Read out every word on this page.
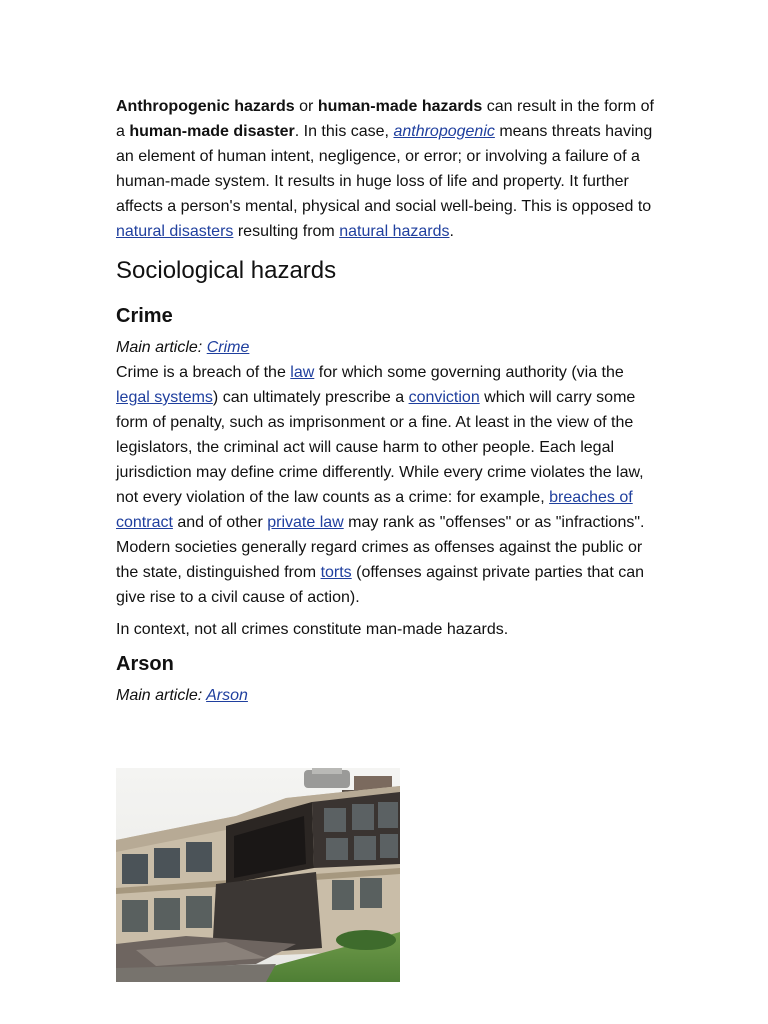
Anthropogenic hazards or human-made hazards can result in the form of a human-made disaster. In this case, anthropogenic means threats having an element of human intent, negligence, or error; or involving a failure of a human-made system. It results in huge loss of life and property. It further affects a person's mental, physical and social well-being. This is opposed to natural disasters resulting from natural hazards.

Sociological hazards
Crime

Main article: Crime

Crime is a breach of the law for which some governing authority (via the legal systems) can ultimately prescribe a conviction which will carry some form of penalty, such as imprisonment or a fine. At least in the view of the legislators, the criminal act will cause harm to other people. Each legal jurisdiction may define crime differently. While every crime violates the law, not every violation of the law counts as a crime: for example, breaches of contract and of other private law may rank as "offenses" or as "infractions". Modern societies generally regard crimes as offenses against the public or the state, distinguished from torts (offenses against private parties that can give rise to a civil cause of action).

In context, not all crimes constitute man-made hazards.

Arson

Main article: Arson
